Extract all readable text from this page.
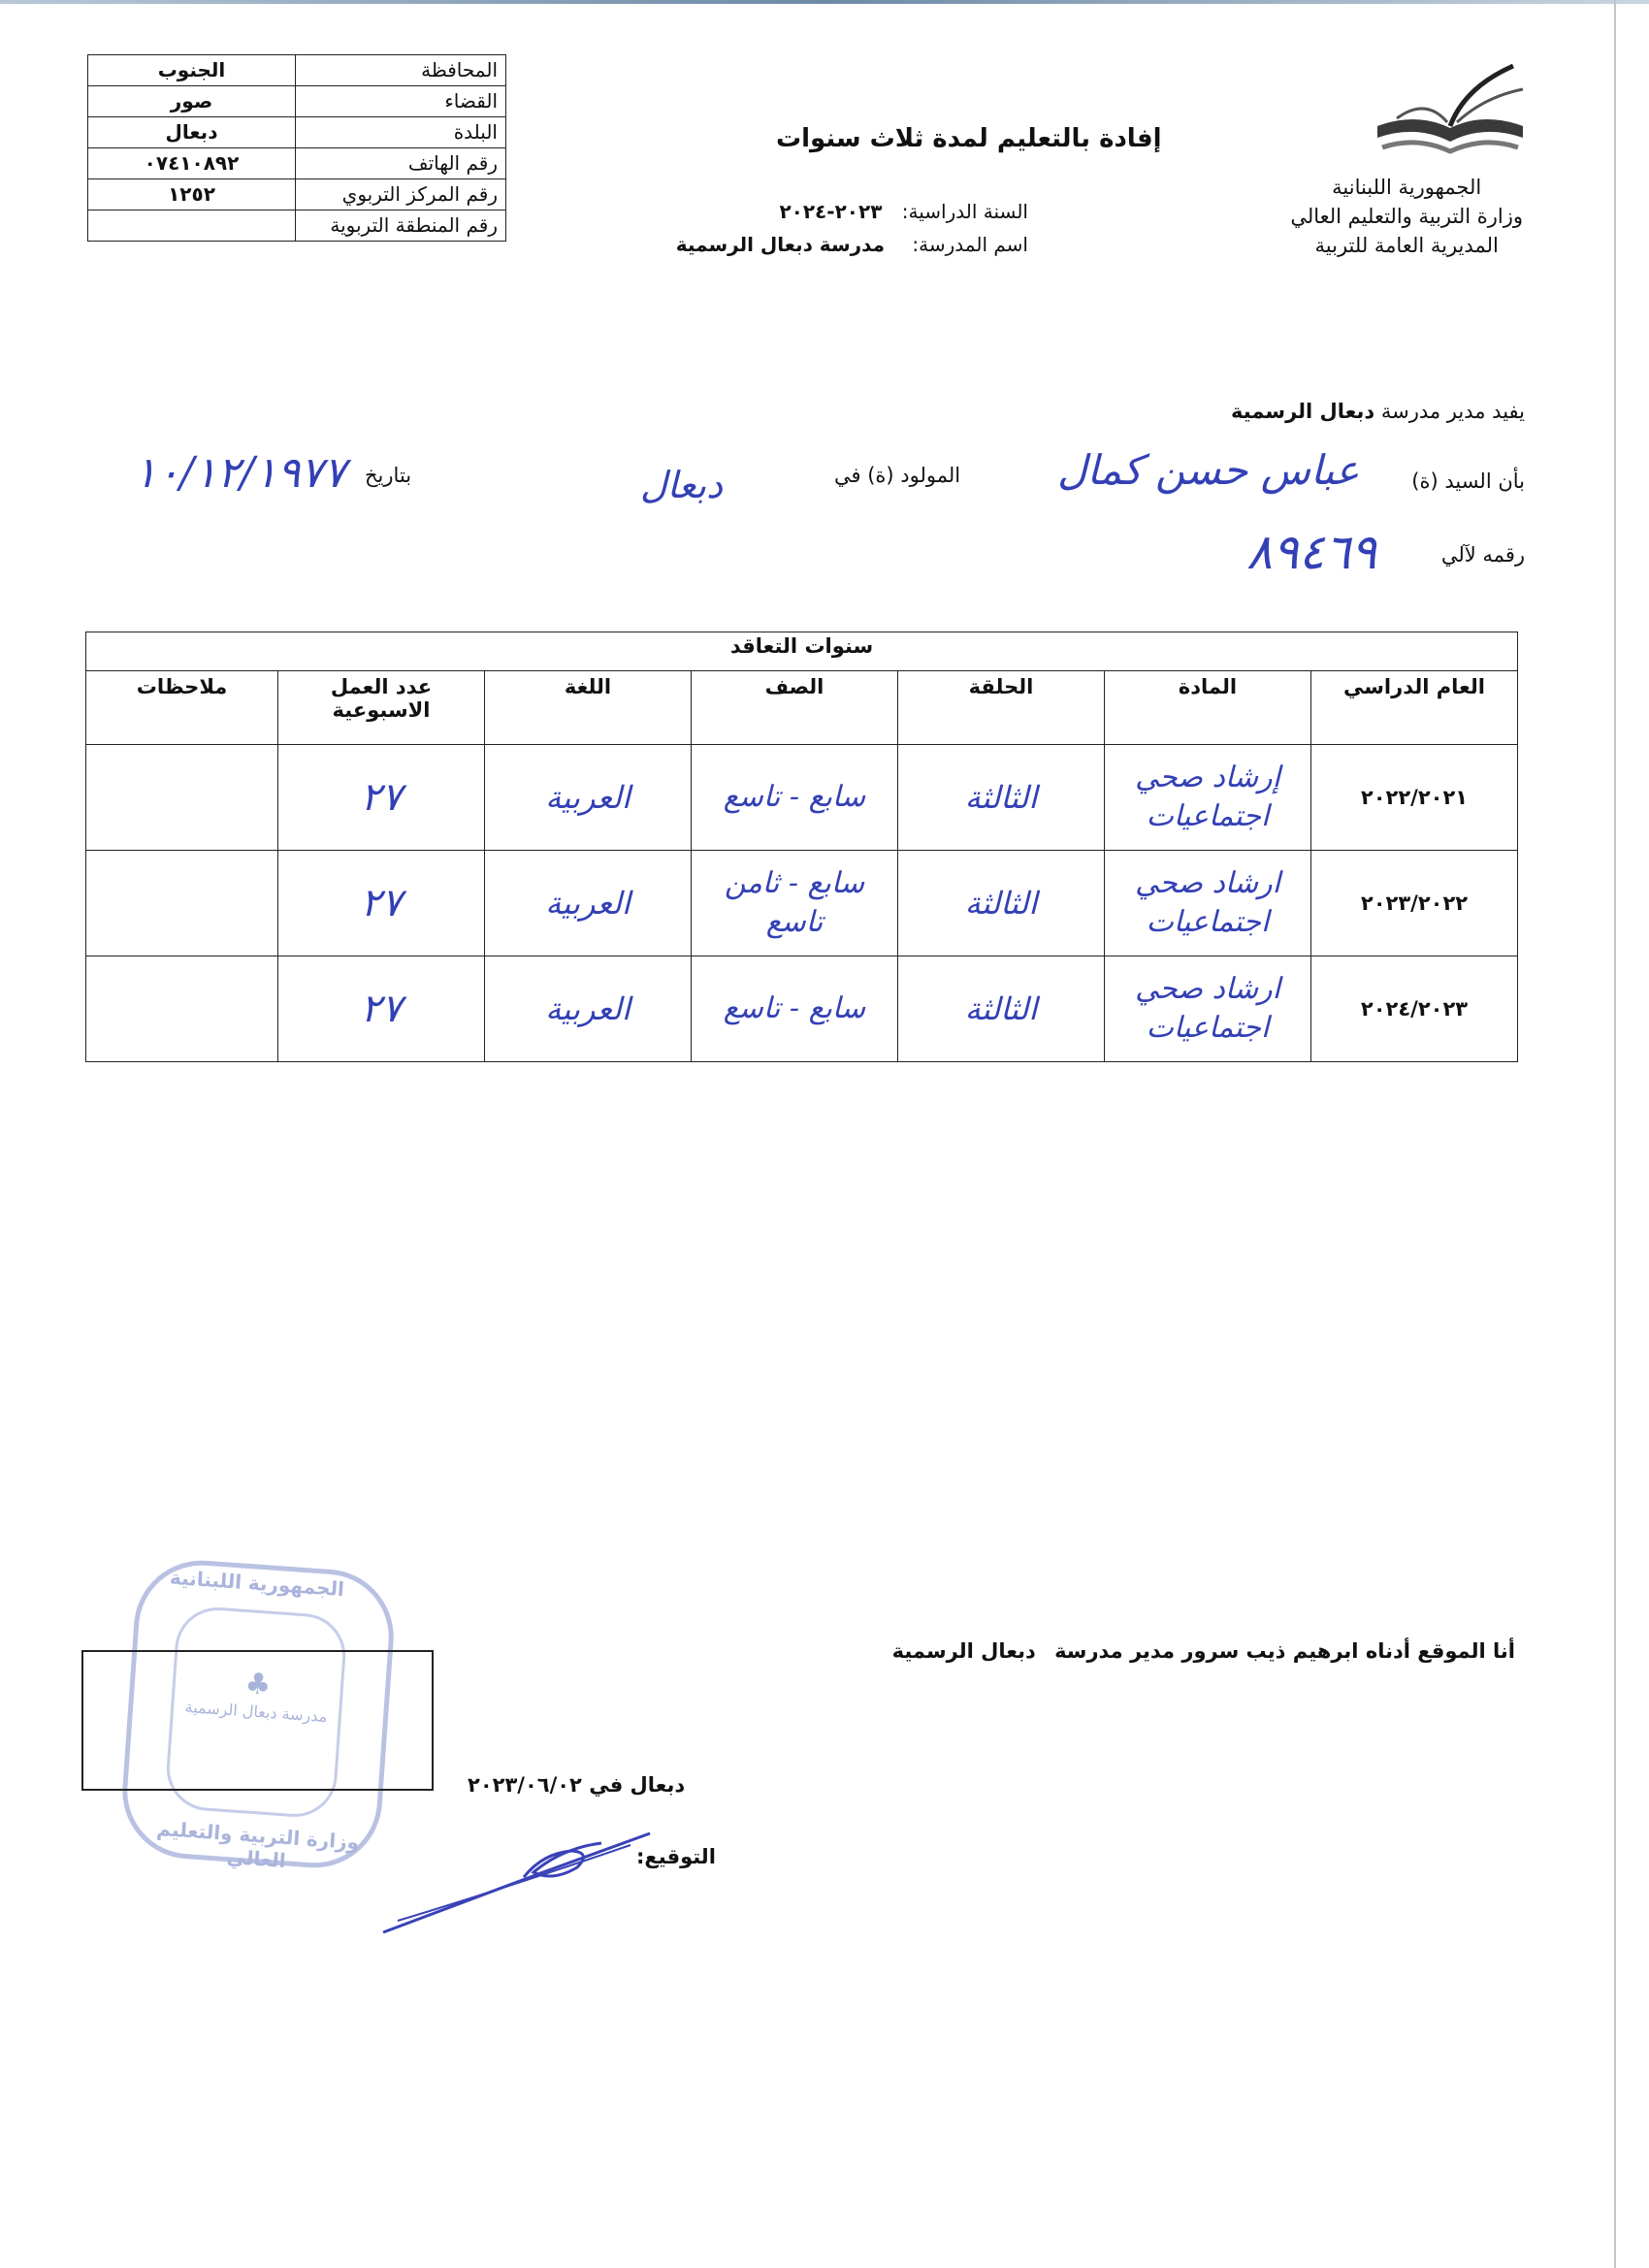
المحافظة	الجنوب
القضاء	صور
البلدة	دبعال
رقم الهاتف	٠٧٤١٠٨٩٢
رقم المركز التربوي	١٢٥٢
رقم المنطقة التربوية	
الجمهورية اللبنانية
وزارة التربية والتعليم العالي
المديرية العامة للتربية
إفادة بالتعليم لمدة ثلاث سنوات
السنة الدراسية: ٢٠٢٣-٢٠٢٤
اسم المدرسة: مدرسة دبعال الرسمية
يفيد مدير مدرسة دبعال الرسمية
بأن السيد (ة)
عباس حسن كمال
المولود (ة) في
دبعال
بتاريخ
١٠/١٢/١٩٧٧
رقمه لآلي
٨٩٤٦٩
سنوات التعاقد						
العام الدراسي	المادة	الحلقة	الصف	اللغة	عدد العمل الاسبوعية	ملاحظات
٢٠٢٢/٢٠٢١	إرشاد صحي اجتماعيات	الثالثة	سابع - تاسع	العربية	٢٧	
٢٠٢٣/٢٠٢٢	ارشاد صحي اجتماعيات	الثالثة	سابع - ثامن تاسع	العربية	٢٧	
٢٠٢٤/٢٠٢٣	ارشاد صحي اجتماعيات	الثالثة	سابع - تاسع	العربية	٢٧	
♣
مدرسة دبعال الرسمية
الجمهورية اللبنانية
وزارة التربية والتعليم العالي
أنا الموقع أدناه ابرهيم ذيب سرور مدير مدرسة دبعال الرسمية
دبعال في ٢٠٢٣/٠٦/٠٢
التوقيع:
